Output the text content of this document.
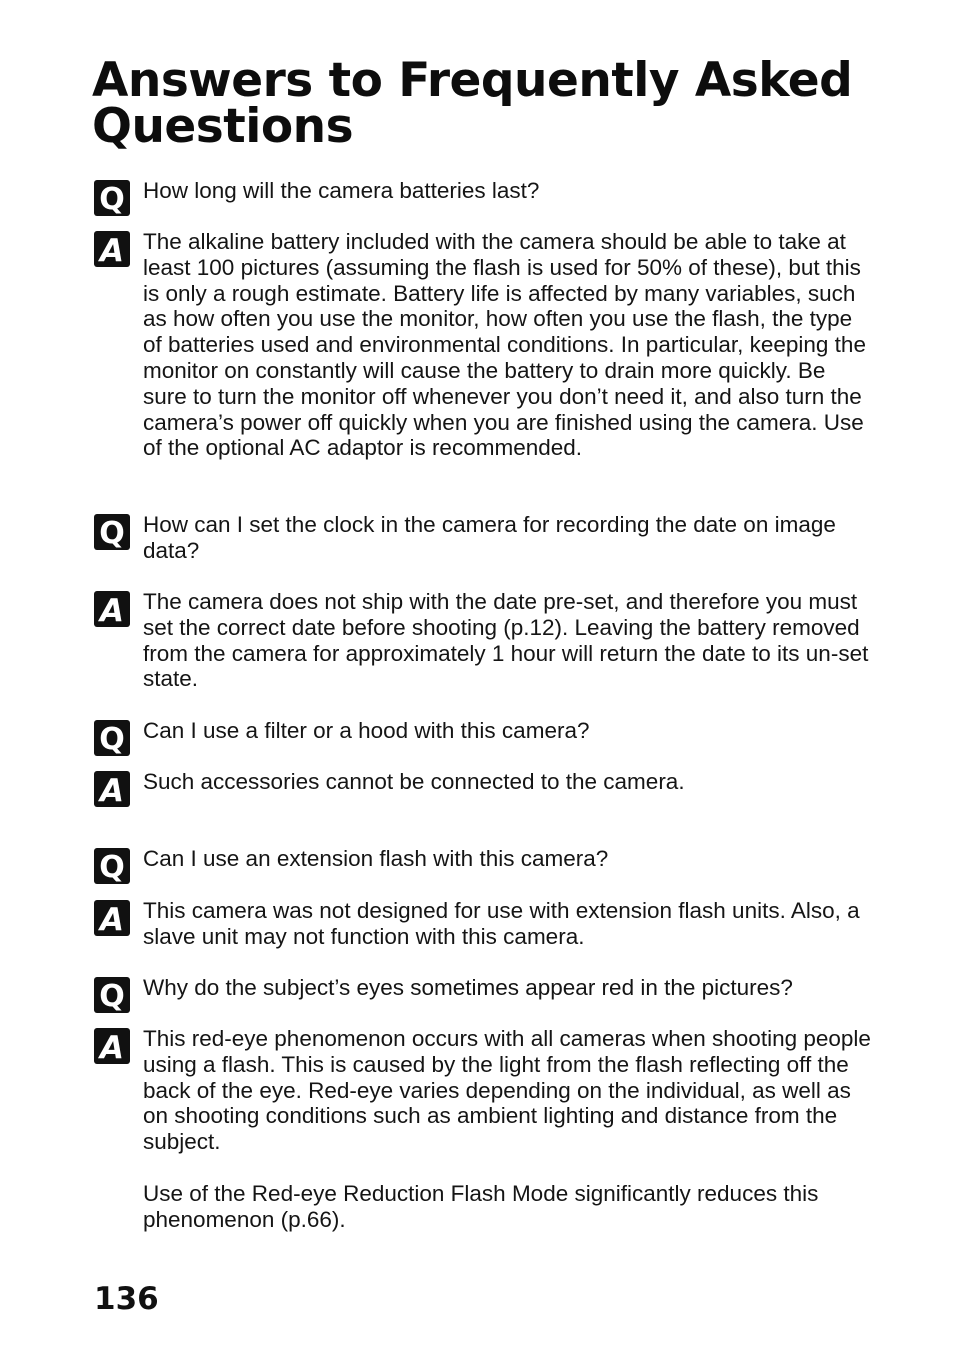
Answers to Frequently Asked Questions
Q How long will the camera batteries last?
A The alkaline battery included with the camera should be able to take at least 100 pictures (assuming the flash is used for 50% of these), but this is only a rough estimate. Battery life is affected by many variables, such as how often you use the monitor, how often you use the flash, the type of batteries used and environmental conditions. In particular, keeping the monitor on constantly will cause the battery to drain more quickly. Be sure to turn the monitor off whenever you don’t need it, and also turn the camera’s power off quickly when you are finished using the camera. Use of the optional AC adaptor is recommended.

Q How can I set the clock in the camera for recording the date on image data?
A The camera does not ship with the date pre-set, and therefore you must set the correct date before shooting (p.12). Leaving the battery removed from the camera for approximately 1 hour will return the date to its un-set state.

Q Can I use a filter or a hood with this camera?
A Such accessories cannot be connected to the camera.

Q Can I use an extension flash with this camera?
A This camera was not designed for use with extension flash units. Also, a slave unit may not function with this camera.

Q Why do the subject’s eyes sometimes appear red in the pictures?
A This red-eye phenomenon occurs with all cameras when shooting people using a flash. This is caused by the light from the flash reflecting off the back of the eye. Red-eye varies depending on the individual, as well as on shooting conditions such as ambient lighting and distance from the subject.

Use of the Red-eye Reduction Flash Mode significantly reduces this phenomenon (p.66).

136
